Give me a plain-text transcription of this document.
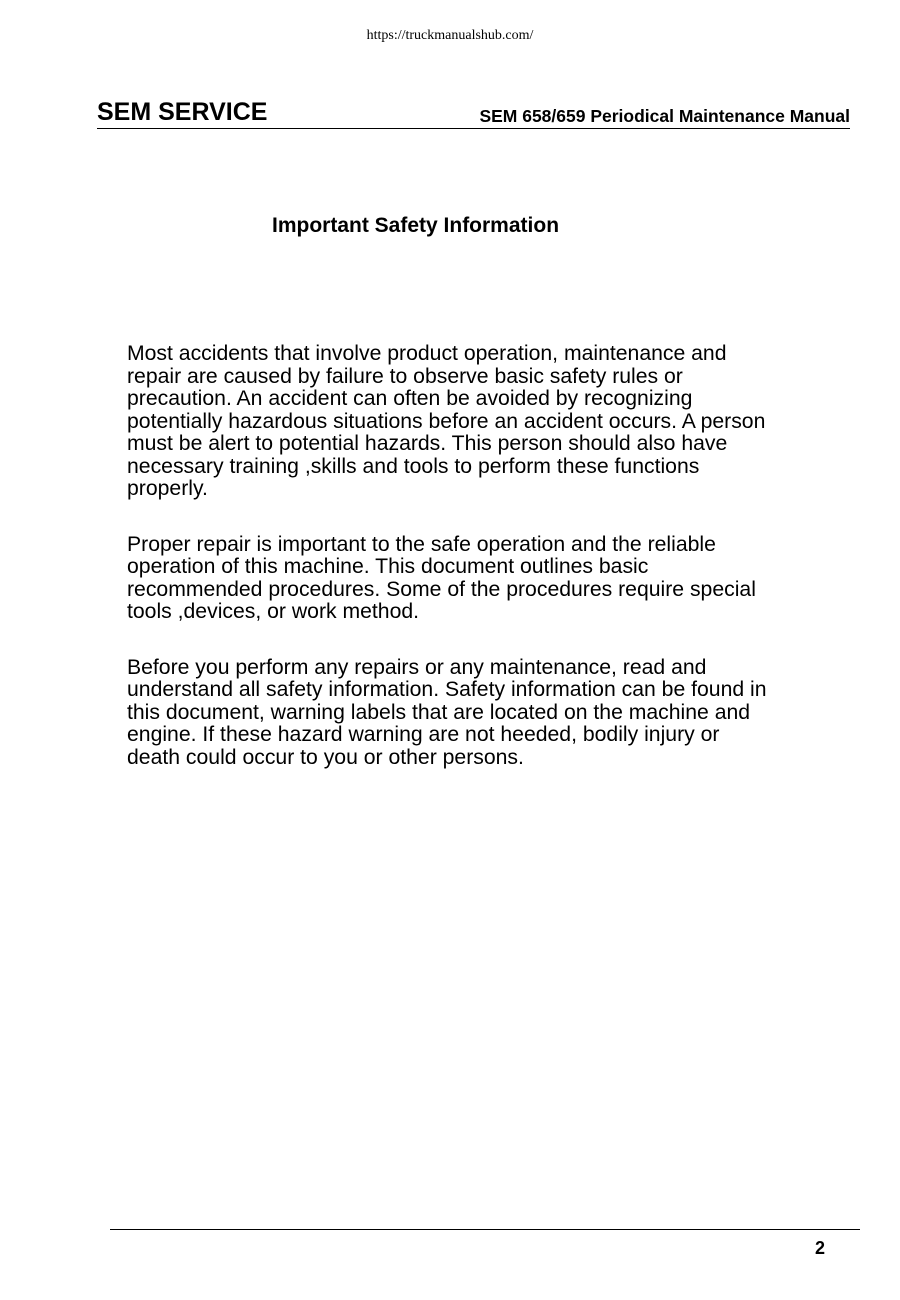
https://truckmanualshub.com/
SEM SERVICE	SEM 658/659 Periodical Maintenance Manual
Important Safety Information

Most accidents that involve product operation, maintenance and repair are caused by failure to observe basic safety rules or precaution. An accident can often be avoided by recognizing potentially hazardous situations before an accident occurs. A person must be alert to potential hazards. This person should also have necessary training ,skills and tools to perform these functions properly.

Proper repair is important to the safe operation and the reliable operation of this machine. This document outlines basic recommended procedures. Some of the procedures require special tools ,devices, or work method.

Before you perform any repairs or any maintenance, read and understand all safety information. Safety information can be found in this document, warning labels that are located on the machine and engine. If these hazard warning are not heeded, bodily injury or death could occur to you or other persons.

2
